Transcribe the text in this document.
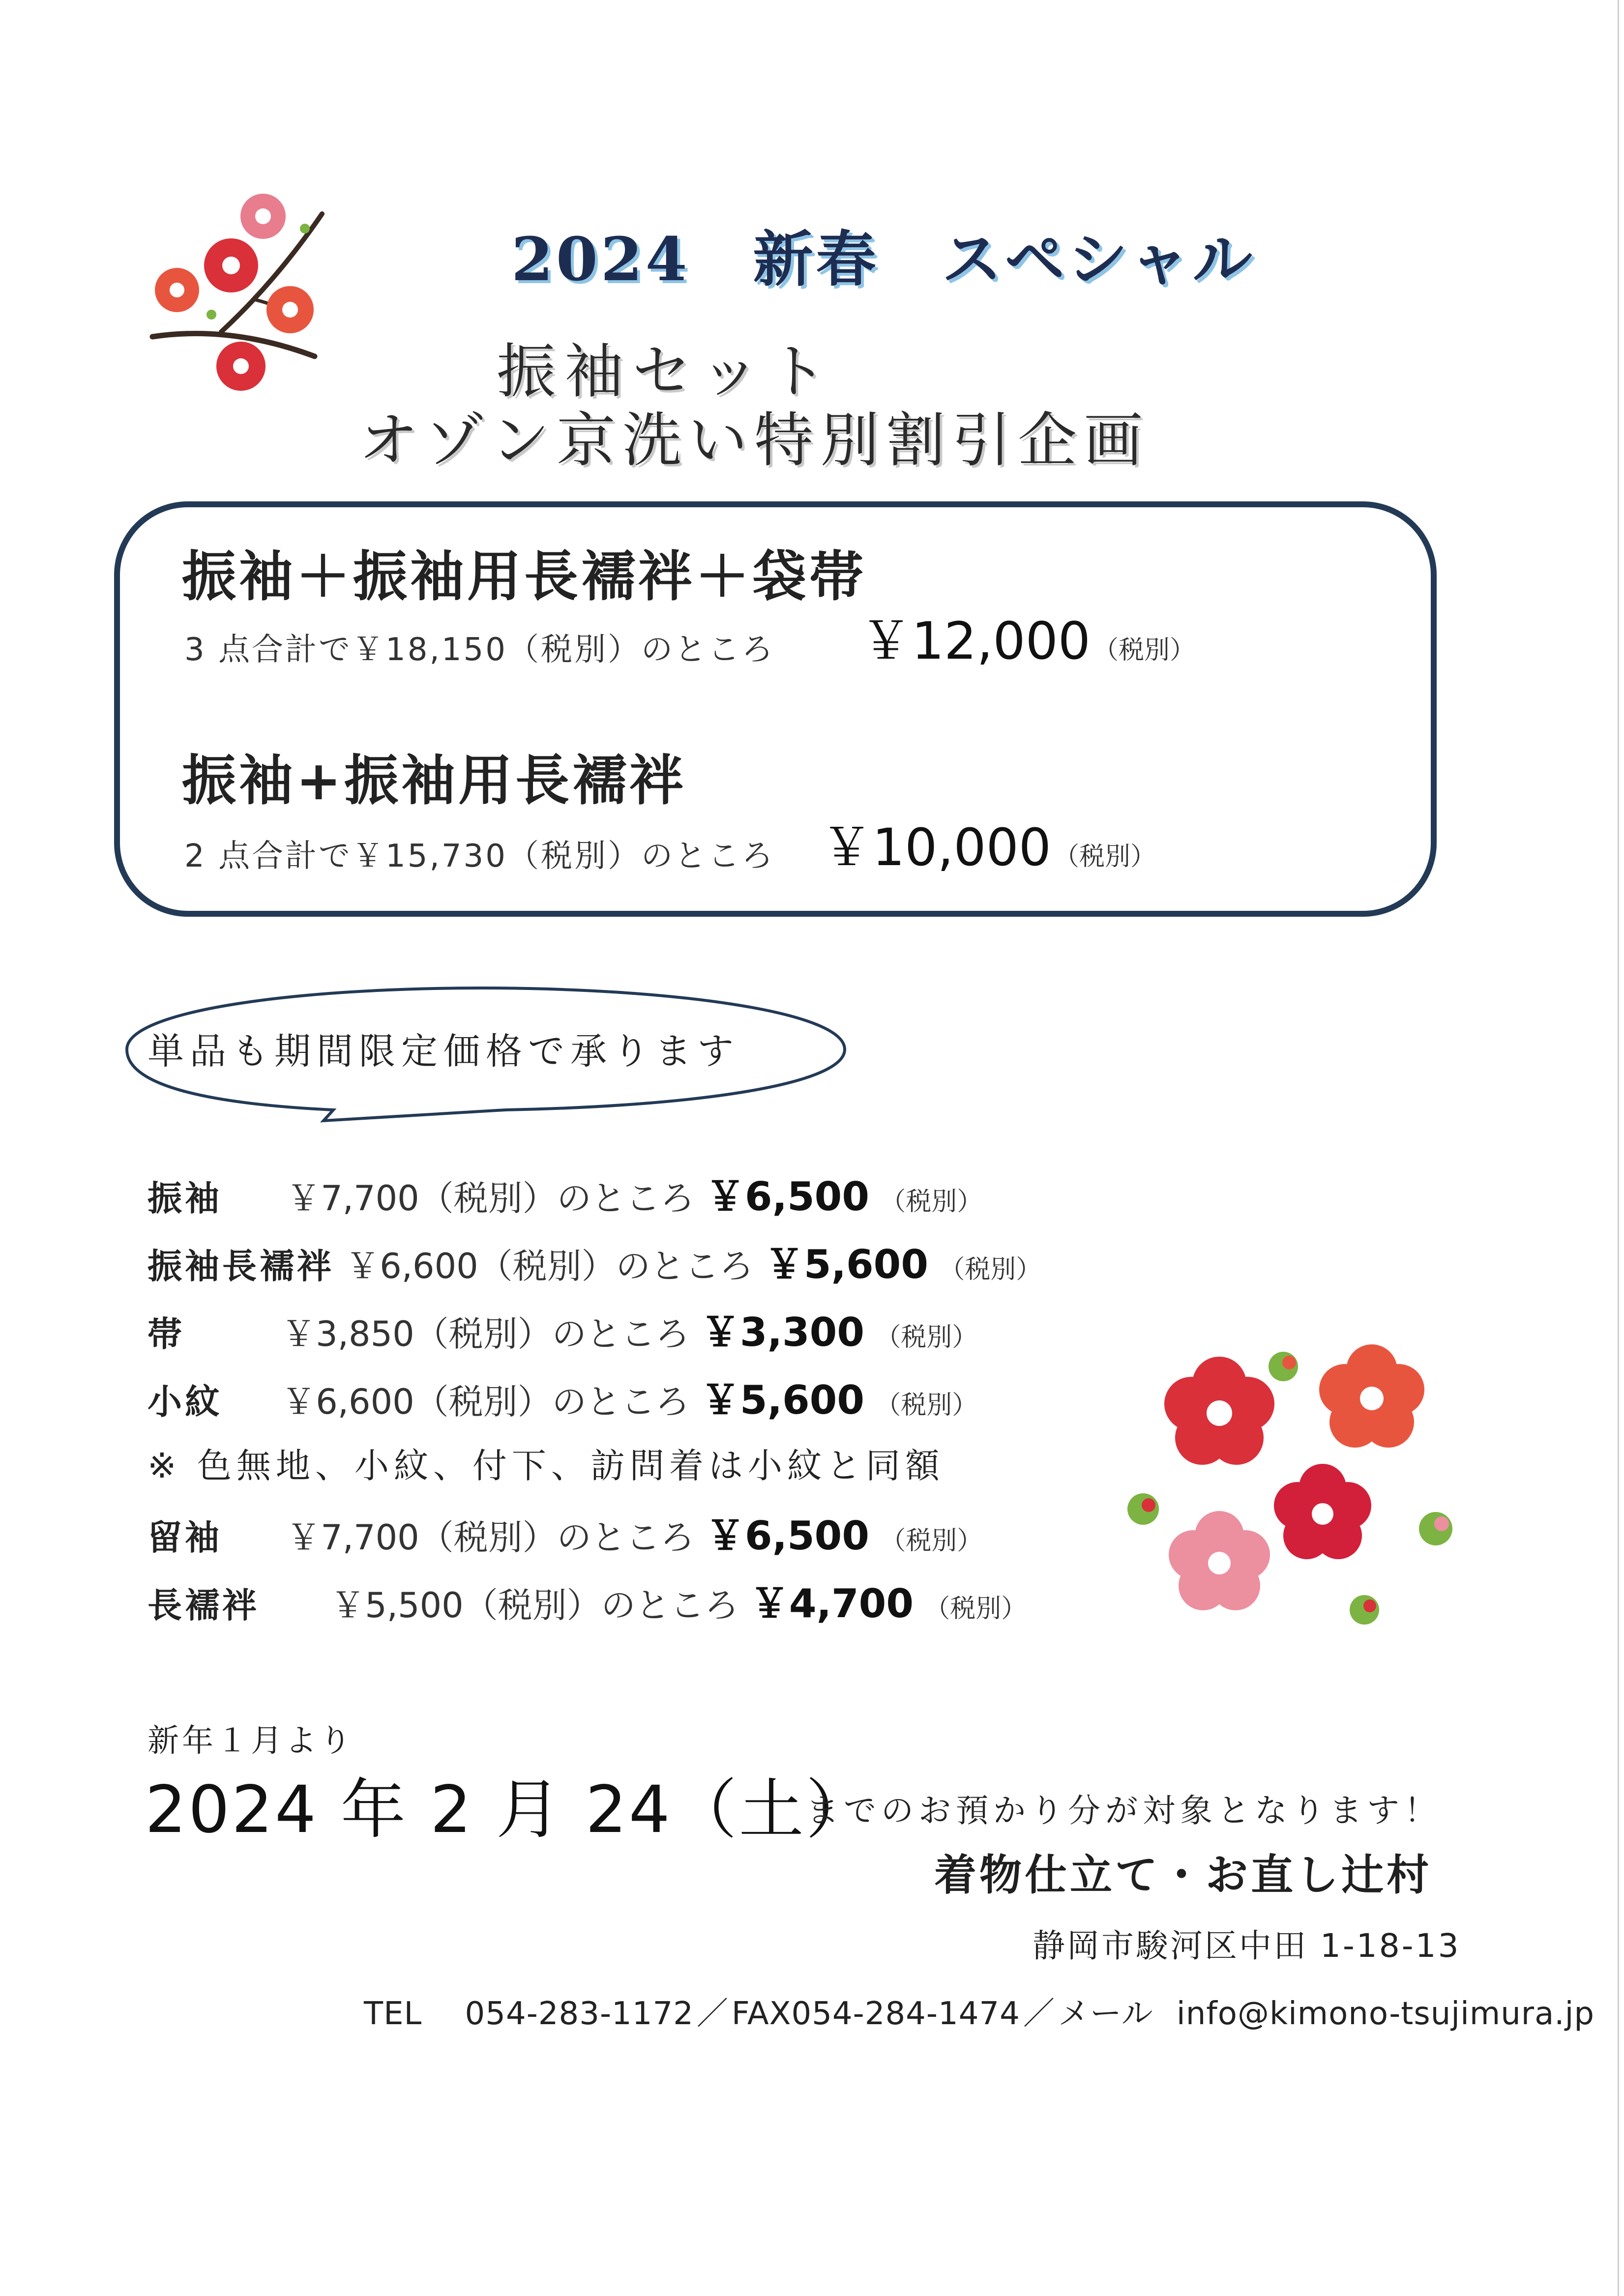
2024　新春　スペシャル
振袖セット
オゾン京洗い特別割引企画
振袖＋振袖用長襦袢＋袋帯
3 点合計で￥18,150（税別）のところ ￥12,000 （税別）
振袖+振袖用長襦袢
2 点合計で￥15,730（税別）のところ ￥10,000 （税別）
単品も期間限定価格で承ります
振袖 ￥7,700（税別）のところ ￥6,500 （税別）
振袖長襦袢 ￥6,600（税別）のところ ￥5,600 （税別）
帯	￥3,850（税別）のところ ￥3,300 （税別）
小紋 ￥6,600（税別）のところ ￥5,600 （税別）
※ 色無地、小紋、付下、訪問着は小紋と同額
留袖 ￥7,700（税別）のところ ￥6,500 （税別）
長襦袢 ￥5,500（税別）のところ ￥4,700 （税別）
新年１月より
2024 年 2 月 24（土）
までのお預かり分が対象となります！
着物仕立て・お直し辻村
静岡市駿河区中田 1-18-13
TEL 054-283-1172／FAX054-284-1474／メール info@kimono-tsujimura.jp
